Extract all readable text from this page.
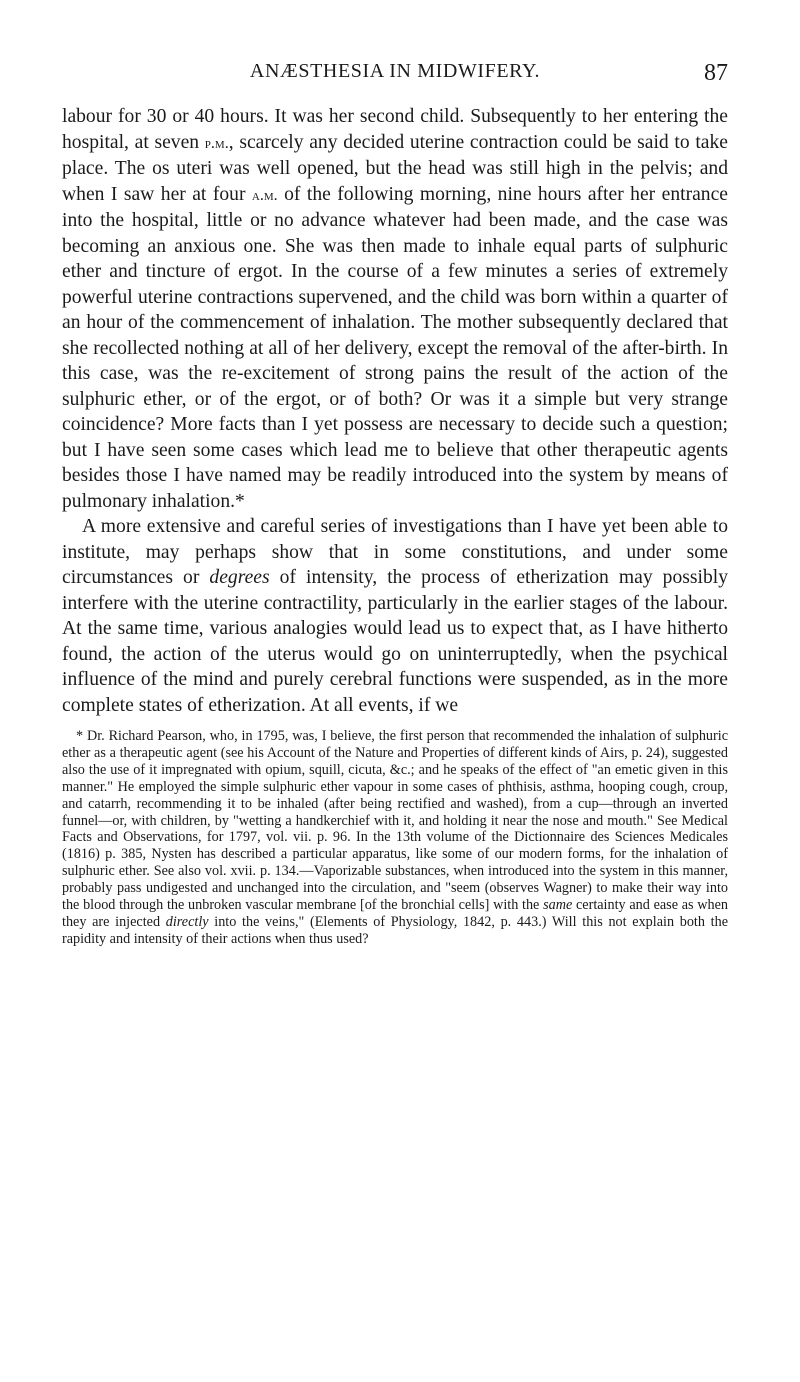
ANÆSTHESIA IN MIDWIFERY.	87

labour for 30 or 40 hours. It was her second child. Subsequently to her entering the hospital, at seven p.m., scarcely any decided uterine contraction could be said to take place. The os uteri was well opened, but the head was still high in the pelvis; and when I saw her at four a.m. of the following morning, nine hours after her entrance into the hospital, little or no advance whatever had been made, and the case was becoming an anxious one. She was then made to inhale equal parts of sulphuric ether and tincture of ergot. In the course of a few minutes a series of extremely powerful uterine contractions supervened, and the child was born within a quarter of an hour of the commencement of inhalation. The mother subsequently declared that she recollected nothing at all of her delivery, except the removal of the after-birth. In this case, was the re-excitement of strong pains the result of the action of the sulphuric ether, or of the ergot, or of both? Or was it a simple but very strange coincidence? More facts than I yet possess are necessary to decide such a question; but I have seen some cases which lead me to believe that other therapeutic agents besides those I have named may be readily introduced into the system by means of pulmonary inhalation.*

A more extensive and careful series of investigations than I have yet been able to institute, may perhaps show that in some constitutions, and under some circumstances or degrees of intensity, the process of etherization may possibly interfere with the uterine contractility, particularly in the earlier stages of the labour. At the same time, various analogies would lead us to expect that, as I have hitherto found, the action of the uterus would go on uninterruptedly, when the psychical influence of the mind and purely cerebral functions were suspended, as in the more complete states of etherization. At all events, if we

* Dr. Richard Pearson, who, in 1795, was, I believe, the first person that recommended the inhalation of sulphuric ether as a therapeutic agent (see his Account of the Nature and Properties of different kinds of Airs, p. 24), suggested also the use of it impregnated with opium, squill, cicuta, &c.; and he speaks of the effect of "an emetic given in this manner." He employed the simple sulphuric ether vapour in some cases of phthisis, asthma, hooping cough, croup, and catarrh, recommending it to be inhaled (after being rectified and washed), from a cup—through an inverted funnel—or, with children, by "wetting a handkerchief with it, and holding it near the nose and mouth." See Medical Facts and Observations, for 1797, vol. vii. p. 96. In the 13th volume of the Dictionnaire des Sciences Medicales (1816) p. 385, Nysten has described a particular apparatus, like some of our modern forms, for the inhalation of sulphuric ether. See also vol. xvii. p. 134.—Vaporizable substances, when introduced into the system in this manner, probably pass undigested and unchanged into the circulation, and "seem (observes Wagner) to make their way into the blood through the unbroken vascular membrane [of the bronchial cells] with the same certainty and ease as when they are injected directly into the veins," (Elements of Physiology, 1842, p. 443.) Will this not explain both the rapidity and intensity of their actions when thus used?
